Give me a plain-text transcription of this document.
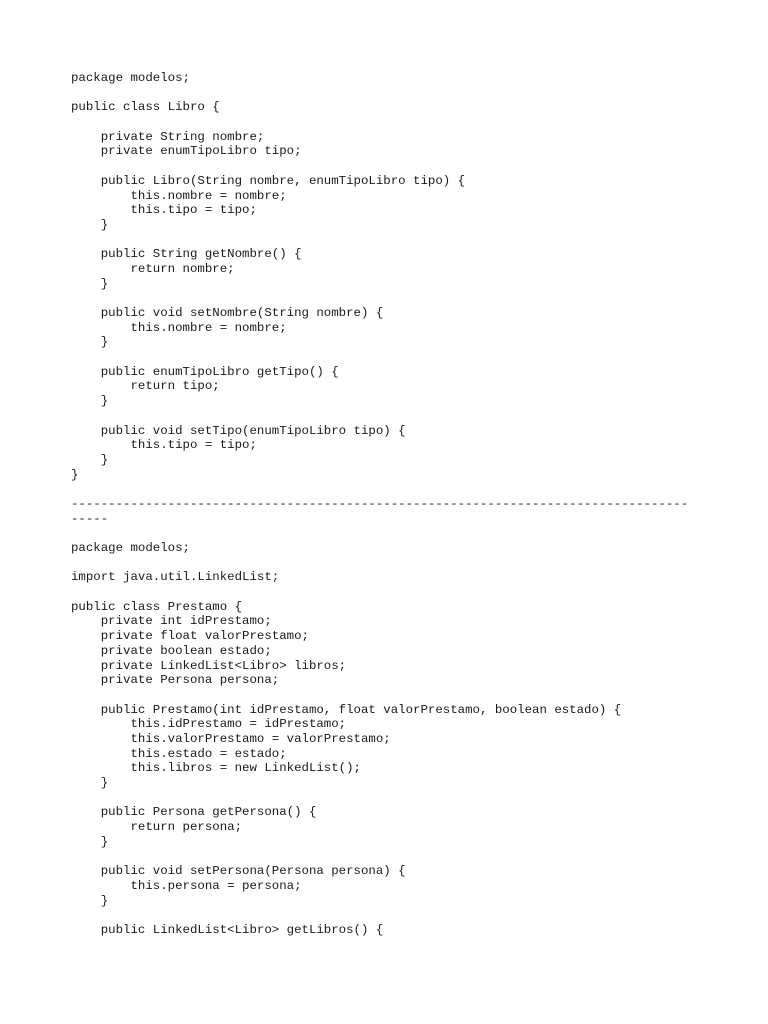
package modelos;
public class Libro {
private String nombre;
private enumTipoLibro tipo;
public Libro(String nombre, enumTipoLibro tipo) {
this.nombre = nombre;
this.tipo = tipo;
}
public String getNombre() {
return nombre;
}
public void setNombre(String nombre) {
this.nombre = nombre;
}
public enumTipoLibro getTipo() {
return tipo;
}
public void setTipo(enumTipoLibro tipo) {
this.tipo = tipo;
}
}
-----------------------------------------------------------------------------------
-----
package modelos;
import java.util.LinkedList;
public class Prestamo {
private int idPrestamo;
private float valorPrestamo;
private boolean estado;
private LinkedList<Libro> libros;
private Persona persona;
public Prestamo(int idPrestamo, float valorPrestamo, boolean estado) {
this.idPrestamo = idPrestamo;
this.valorPrestamo = valorPrestamo;
this.estado = estado;
this.libros = new LinkedList();
}
public Persona getPersona() {
return persona;
}
public void setPersona(Persona persona) {
this.persona = persona;
}
public LinkedList<Libro> getLibros() {
